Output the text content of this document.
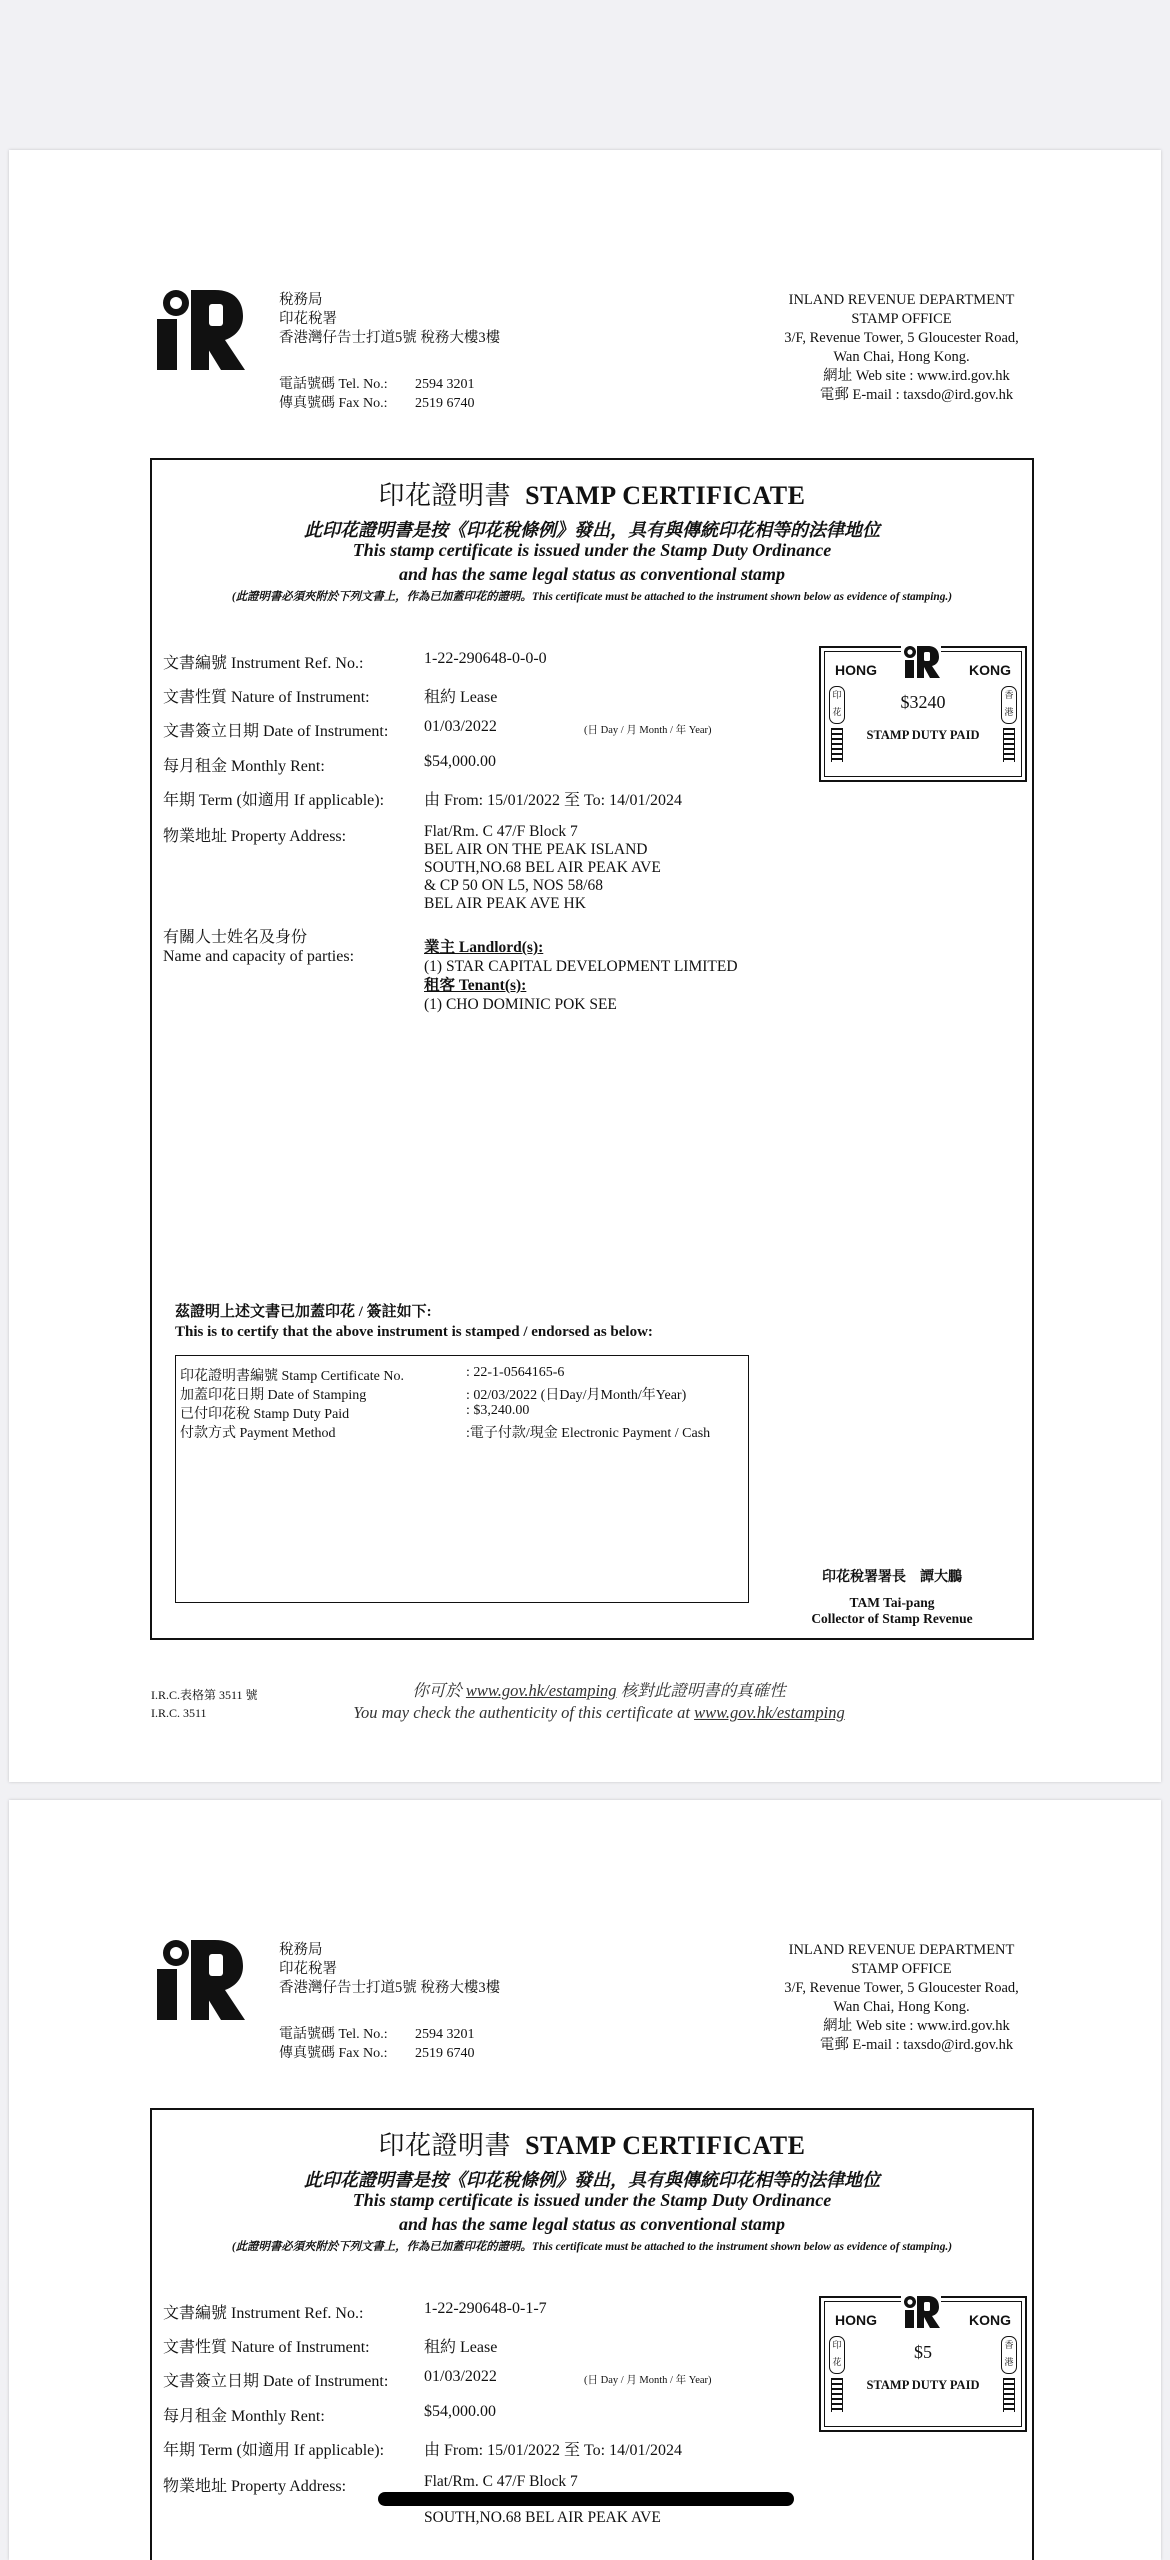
稅務局
印花稅署
香港灣仔告士打道5號 稅務大樓3樓
電話號碼 Tel. No.: 2594 3201
傳真號碼 Fax No.: 2519 6740
INLAND REVENUE DEPARTMENT
STAMP OFFICE
3/F, Revenue Tower, 5 Gloucester Road,
Wan Chai, Hong Kong.
網址 Web site : www.ird.gov.hk
電郵 E-mail : taxsdo@ird.gov.hk
印花證明書 STAMP CERTIFICATE
此印花證明書是按《印花稅條例》發出，具有與傳統印花相等的法律地位
This stamp certificate is issued under the Stamp Duty Ordinance
and has the same legal status as conventional stamp
(此證明書必須夾附於下列文書上，作為已加蓋印花的證明。This certificate must be attached to the instrument shown below as evidence of stamping.)
文書編號 Instrument Ref. No.:	1-22-290648-0-0-0
文書性質 Nature of Instrument:	租約 Lease
文書簽立日期 Date of Instrument: 01/03/2022	(日 Day / 月 Month / 年 Year)
每月租金 Monthly Rent:	$54,000.00
年期 Term (如適用 If applicable): 由 From: 15/01/2022 至 To: 14/01/2024
物業地址 Property Address:	Flat/Rm. C 47/F Block 7
BEL AIR ON THE PEAK ISLAND
SOUTH,NO.68 BEL AIR PEAK AVE
& CP 50 ON L5, NOS 58/68
BEL AIR PEAK AVE HK
有關人士姓名及身份
Name and capacity of parties:
業主 Landlord(s):
(1) STAR CAPITAL DEVELOPMENT LIMITED
租客 Tenant(s):
(1) CHO DOMINIC POK SEE
HONG	KONG
印花
香港
$3240
STAMP DUTY PAID
茲證明上述文書已加蓋印花 / 簽註如下:
This is to certify that the above instrument is stamped / endorsed as below:
印花證明書編號 Stamp Certificate No.	: 22-1-0564165-6
加蓋印花日期 Date of Stamping	: 02/03/2022 (日Day/月Month/年Year)
已付印花稅 Stamp Duty Paid	: $3,240.00
付款方式 Payment Method	:電子付款/現金 Electronic Payment / Cash
印花稅署署長　譚大鵬
TAM Tai-pang
Collector of Stamp Revenue
I.R.C.表格第 3511 號
I.R.C. 3511
你可於 www.gov.hk/estamping 核對此證明書的真確性
You may check the authenticity of this certificate at www.gov.hk/estamping
稅務局
印花稅署
香港灣仔告士打道5號 稅務大樓3樓
電話號碼 Tel. No.: 2594 3201
傳真號碼 Fax No.: 2519 6740
INLAND REVENUE DEPARTMENT
STAMP OFFICE
3/F, Revenue Tower, 5 Gloucester Road,
Wan Chai, Hong Kong.
網址 Web site : www.ird.gov.hk
電郵 E-mail : taxsdo@ird.gov.hk
印花證明書 STAMP CERTIFICATE
此印花證明書是按《印花稅條例》發出，具有與傳統印花相等的法律地位
This stamp certificate is issued under the Stamp Duty Ordinance
and has the same legal status as conventional stamp
(此證明書必須夾附於下列文書上，作為已加蓋印花的證明。This certificate must be attached to the instrument shown below as evidence of stamping.)
文書編號 Instrument Ref. No.:	1-22-290648-0-1-7
文書性質 Nature of Instrument:	租約 Lease
文書簽立日期 Date of Instrument: 01/03/2022	(日 Day / 月 Month / 年 Year)
每月租金 Monthly Rent:	$54,000.00
年期 Term (如適用 If applicable): 由 From: 15/01/2022 至 To: 14/01/2024
物業地址 Property Address:	Flat/Rm. C 47/F Block 7
SOUTH,NO.68 BEL AIR PEAK AVE
HONG	KONG
印花
香港
$5
STAMP DUTY PAID
